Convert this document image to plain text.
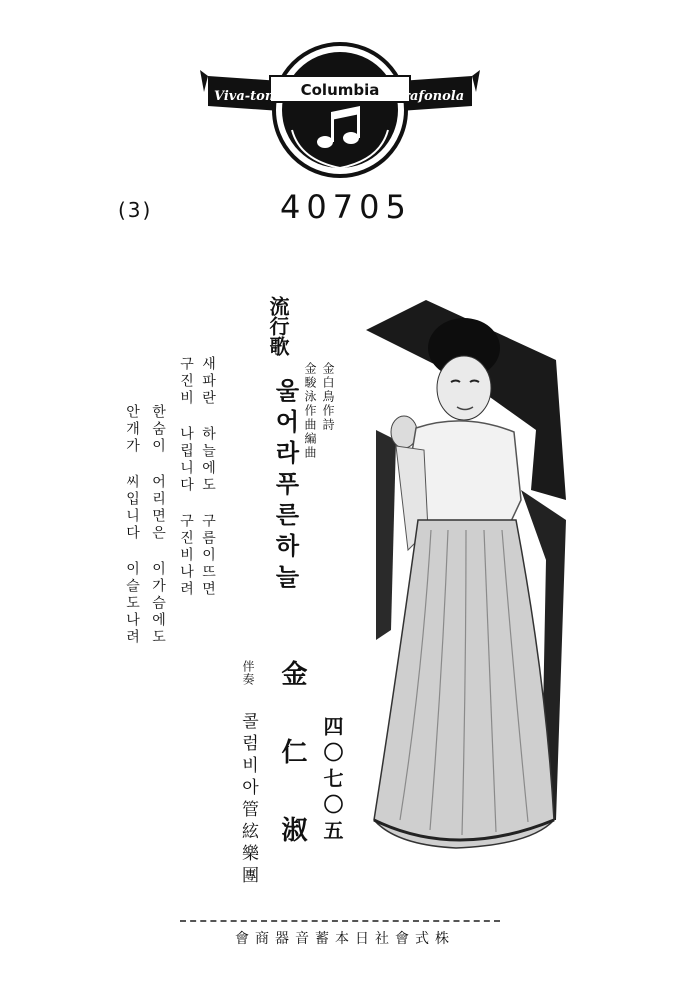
Viva-tonal Columbia Grafonola
(3)	40705
流行歌
울어라푸른하늘	金白鳥作詩
金駿泳作曲編曲
새파란 하늘에도 구름이뜨면
구진비 나립니다 구진비나려
한숨이 어리면은 이가슴에도
안개가 씨입니다 이슬도나려
金仁淑
伴奏
콜럼비아管絃樂團	四〇七〇五
株式會社日本蓄音器商會
